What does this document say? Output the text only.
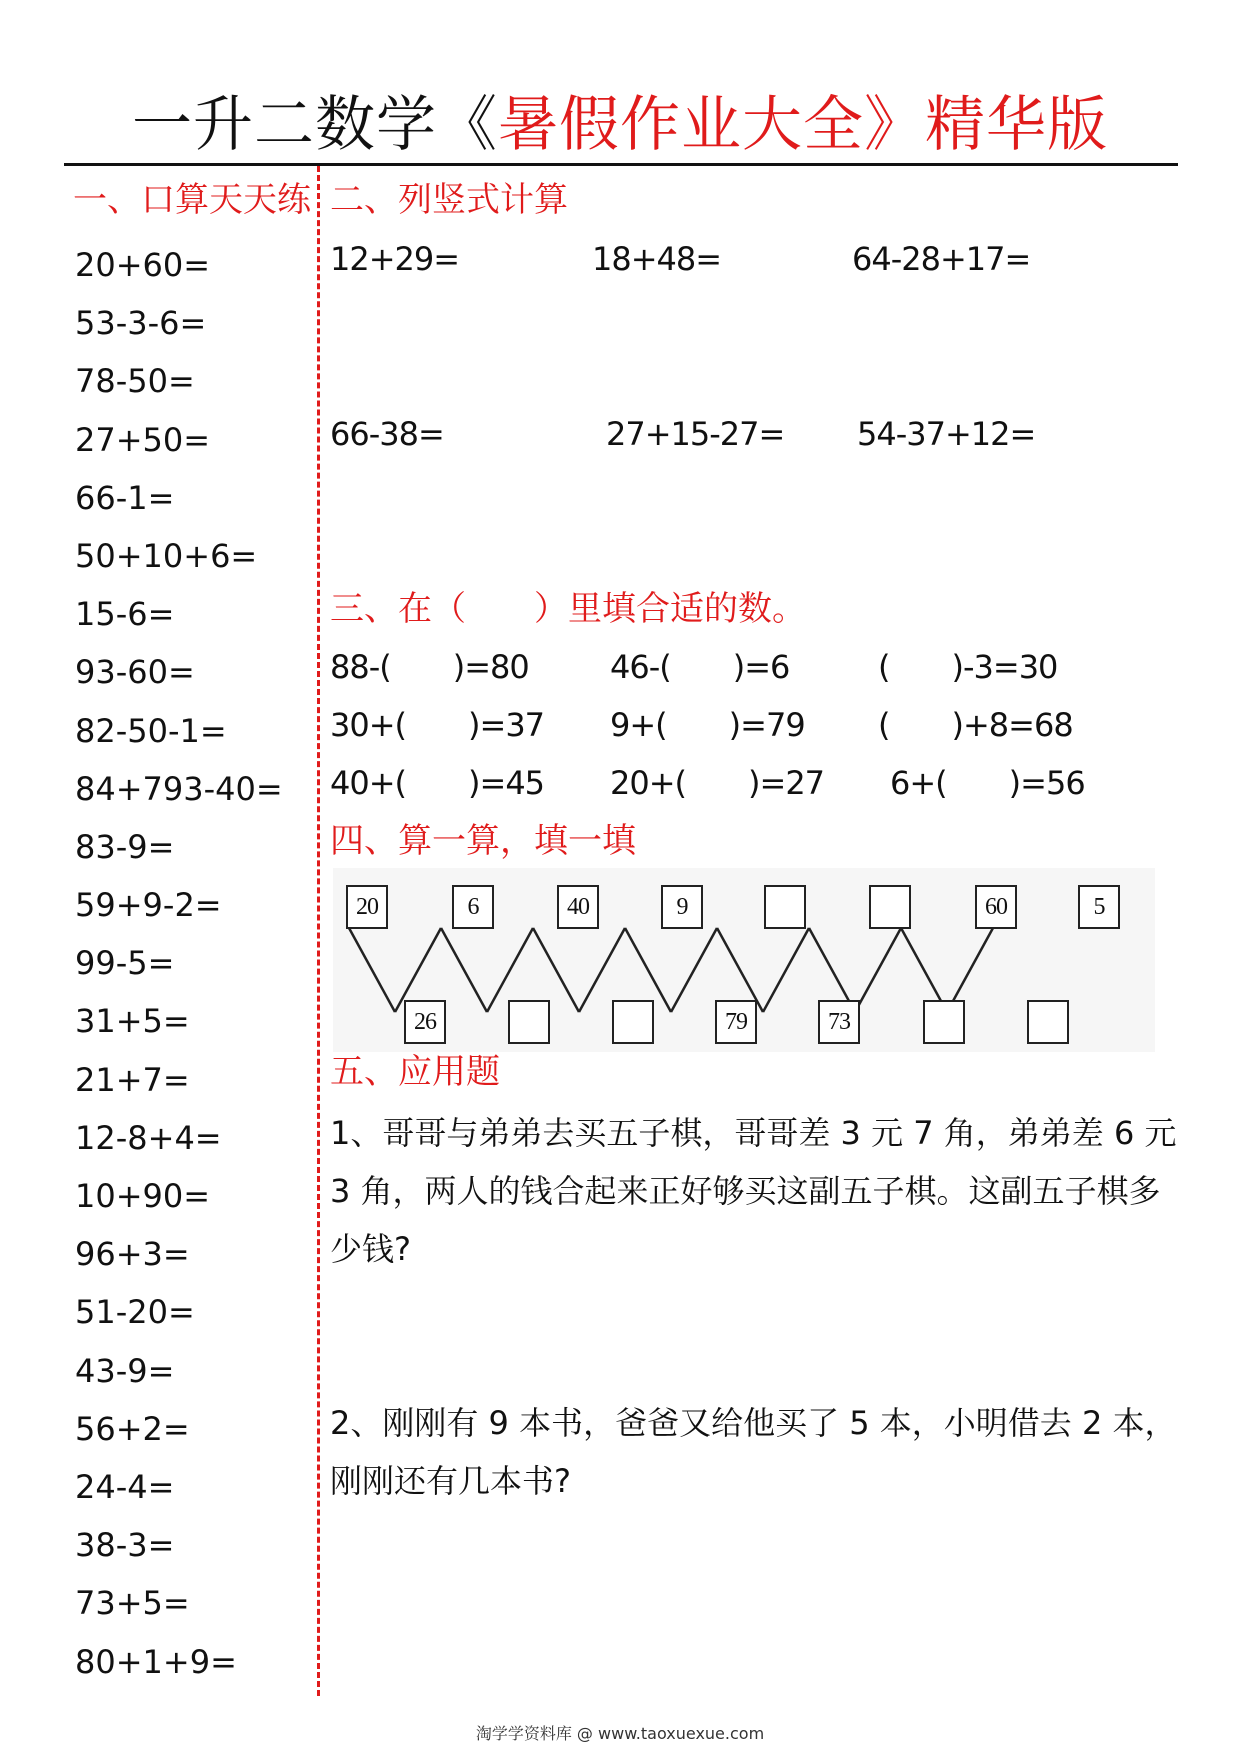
一升二数学《暑假作业大全》精华版
一、口算天天练
20+60=
53-3-6=
78-50=
27+50=
66-1=
50+10+6=
15-6=
93-60=
82-50-1=
84+793-40=
83-9=
59+9-2=
99-5=
31+5=
21+7=
12-8+4=
10+90=
96+3=
51-20=
43-9=
56+2=
24-4=
38-3=
73+5=
80+1+9=
二、列竖式计算
12+29=	18+48=	64-28+17=
66-38=	27+15-27= 54-37+12=
三、在（　　）里填合适的数。
88-(　　)=80	46-(　　)=6	(　　)-3=30
30+(　　)=37 9+(　　)=79 (　　)+8=68
40+(　　)=45 20+(　　)=27 6+(　　)=56
四、算一算，填一填
五、应用题
1、哥哥与弟弟去买五子棋，哥哥差 3 元 7 角，弟弟差 6 元 3 角，两人的钱合起来正好够买这副五子棋。这副五子棋多少钱?
2、刚刚有 9 本书，爸爸又给他买了 5 本，小明借去 2 本，刚刚还有几本书?
淘学学资料库 @ www.taoxuexue.com
20	6	40	9	60	5
26	79	73
